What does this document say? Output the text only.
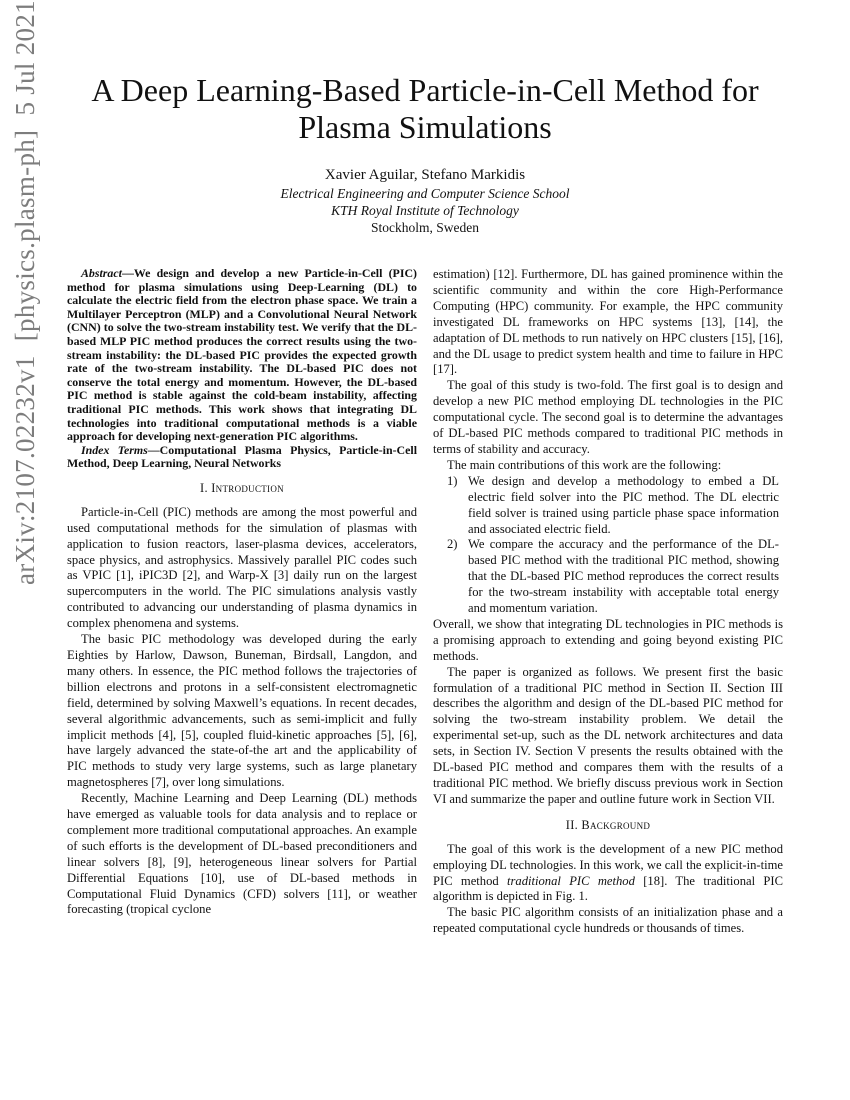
arXiv:2107.02232v1  [physics.plasm-ph]  5 Jul 2021	A Deep Learning-Based Particle-in-Cell Method for Plasma Simulations
Xavier Aguilar, Stefano Markidis
Electrical Engineering and Computer Science School
KTH Royal Institute of Technology
Stockholm, Sweden

Abstract—We design and develop a new Particle-in-Cell (PIC) method for plasma simulations using Deep-Learning (DL) to calculate the electric field from the electron phase space. We train a Multilayer Perceptron (MLP) and a Convolutional Neural Network (CNN) to solve the two-stream instability test. We verify that the DL-based MLP PIC method produces the correct results using the two-stream instability: the DL-based PIC provides the expected growth rate of the two-stream instability. The DL-based PIC does not conserve the total energy and momentum. However, the DL-based PIC method is stable against the cold-beam instability, affecting traditional PIC methods. This work shows that integrating DL technologies into traditional computational methods is a viable approach for developing next-generation PIC algorithms.

Index Terms—Computational Plasma Physics, Particle-in-Cell Method, Deep Learning, Neural Networks

I. Introduction

Particle-in-Cell (PIC) methods are among the most powerful and used computational methods for the simulation of plasmas with application to fusion reactors, laser-plasma devices, accelerators, space physics, and astrophysics. Massively parallel PIC codes such as VPIC [1], iPIC3D [2], and Warp-X [3] daily run on the largest supercomputers in the world. The PIC simulations analysis vastly contributed to advancing our understanding of plasma dynamics in complex phenomena and systems.

The basic PIC methodology was developed during the early Eighties by Harlow, Dawson, Buneman, Birdsall, Langdon, and many others. In essence, the PIC method follows the trajectories of billion electrons and protons in a self-consistent electromagnetic field, determined by solving Maxwell’s equations. In recent decades, several algorithmic advancements, such as semi-implicit and fully implicit methods [4], [5], coupled fluid-kinetic approaches [5], [6], have largely advanced the state-of-the art and the applicability of PIC methods to study very large systems, such as large planetary magnetospheres [7], over long simulations.

Recently, Machine Learning and Deep Learning (DL) methods have emerged as valuable tools for data analysis and to replace or complement more traditional computational approaches. An example of such efforts is the development of DL-based preconditioners and linear solvers [8], [9], heterogeneous linear solvers for Partial Differential Equations [10], use of DL-based methods in Computational Fluid Dynamics (CFD) solvers [11], or weather forecasting (tropical cyclone

estimation) [12]. Furthermore, DL has gained prominence within the scientific community and within the core High-Performance Computing (HPC) community. For example, the HPC community investigated DL frameworks on HPC systems [13], [14], the adaptation of DL methods to run natively on HPC clusters [15], [16], and the DL usage to predict system health and time to failure in HPC [17].

The goal of this study is two-fold. The first goal is to design and develop a new PIC method employing DL technologies in the PIC computational cycle. The second goal is to determine the advantages of DL-based PIC methods compared to traditional PIC methods in terms of stability and accuracy.

The main contributions of this work are the following:

1) We design and develop a methodology to embed a DL electric field solver into the PIC method. The DL electric field solver is trained using particle phase space information and associated electric field.
2) We compare the accuracy and the performance of the DL-based PIC method with the traditional PIC method, showing that the DL-based PIC method reproduces the correct results for the two-stream instability with acceptable total energy and momentum variation.

Overall, we show that integrating DL technologies in PIC methods is a promising approach to extending and going beyond existing PIC methods.

The paper is organized as follows. We present first the basic formulation of a traditional PIC method in Section II. Section III describes the algorithm and design of the DL-based PIC method for solving the two-stream instability problem. We detail the experimental set-up, such as the DL network architectures and data sets, in Section IV. Section V presents the results obtained with the DL-based PIC method and compares them with the results of a traditional PIC method. We briefly discuss previous work in Section VI and summarize the paper and outline future work in Section VII.

II. Background

The goal of this work is the development of a new PIC method employing DL technologies. In this work, we call the explicit-in-time PIC method traditional PIC method [18]. The traditional PIC algorithm is depicted in Fig. 1.

The basic PIC algorithm consists of an initialization phase and a repeated computational cycle hundreds or thousands of times.
